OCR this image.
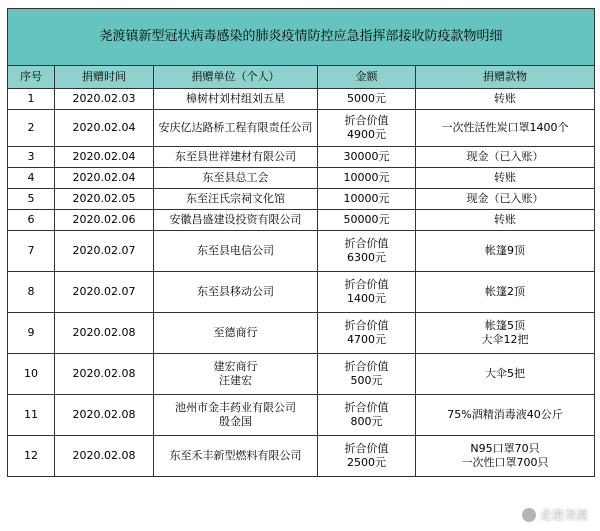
尧渡镇新型冠状病毒感染的肺炎疫情防控应急指挥部接收防疫款物明细				
序号	捐赠时间	捐赠单位（个人）	金额	捐赠款物
1	2020.02.03	樟树村刘村组刘五星	5000元	转账

2	2020.02.04	安庆亿达路桥工程有限责任公司	折合价值
4900元	一次性活性炭口罩1400个

3	2020.02.04	东至县世祥建材有限公司	30000元	现金（已入账）

4	2020.02.04	东至县总工会	10000元	转账

5	2020.02.05	东至汪氏宗祠文化馆	10000元	现金（已入账）

6	2020.02.06	安徽昌盛建设投资有限公司	50000元	转账

7	2020.02.07	东至县电信公司	折合价值
6300元	帐篷9顶

8	2020.02.07	东至县移动公司	折合价值
1400元	帐篷2顶

9	2020.02.08	至德商行	折合价值
4700元	帐篷5顶
大伞12把

10	2020.02.08	建宏商行
汪建宏	折合价值
500元	大伞5把

11	2020.02.08	池州市金丰药业有限公司
殷金国	折合价值
800元	75%酒精消毒液40公斤

12	2020.02.08	东至禾丰新型燃料有限公司	折合价值
2500元	N95口罩70只
一次性口罩700只
走进尧渡
